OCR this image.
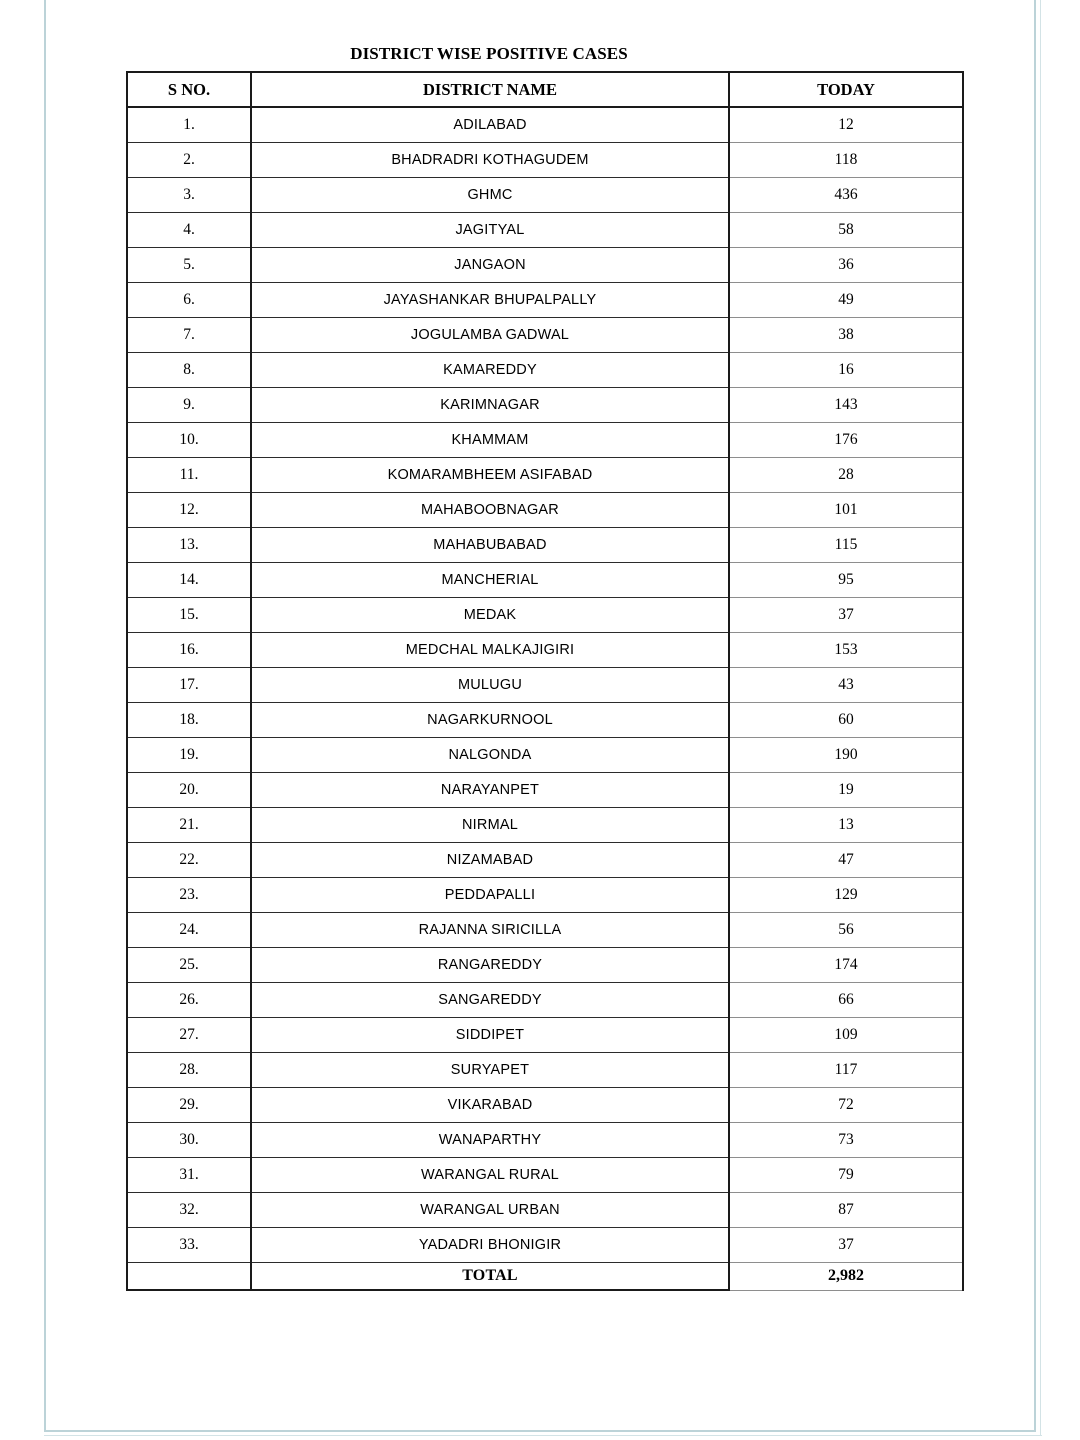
DISTRICT WISE POSITIVE CASES
S NO.	DISTRICT NAME	TODAY
1.	ADILABAD	12
2.	BHADRADRI KOTHAGUDEM	118
3.	GHMC	436
4.	JAGITYAL	58
5.	JANGAON	36
6.	JAYASHANKAR BHUPALPALLY	49
7.	JOGULAMBA GADWAL	38
8.	KAMAREDDY	16
9.	KARIMNAGAR	143
10.	KHAMMAM	176
11.	KOMARAMBHEEM ASIFABAD	28
12.	MAHABOOBNAGAR	101
13.	MAHABUBABAD	115
14.	MANCHERIAL	95
15.	MEDAK	37
16.	MEDCHAL MALKAJIGIRI	153
17.	MULUGU	43
18.	NAGARKURNOOL	60
19.	NALGONDA	190
20.	NARAYANPET	19
21.	NIRMAL	13
22.	NIZAMABAD	47
23.	PEDDAPALLI	129
24.	RAJANNA SIRICILLA	56
25.	RANGAREDDY	174
26.	SANGAREDDY	66
27.	SIDDIPET	109
28.	SURYAPET	117
29.	VIKARABAD	72
30.	WANAPARTHY	73
31.	WARANGAL RURAL	79
32.	WARANGAL URBAN	87
33.	YADADRI BHONIGIR	37
	TOTAL	2,982
